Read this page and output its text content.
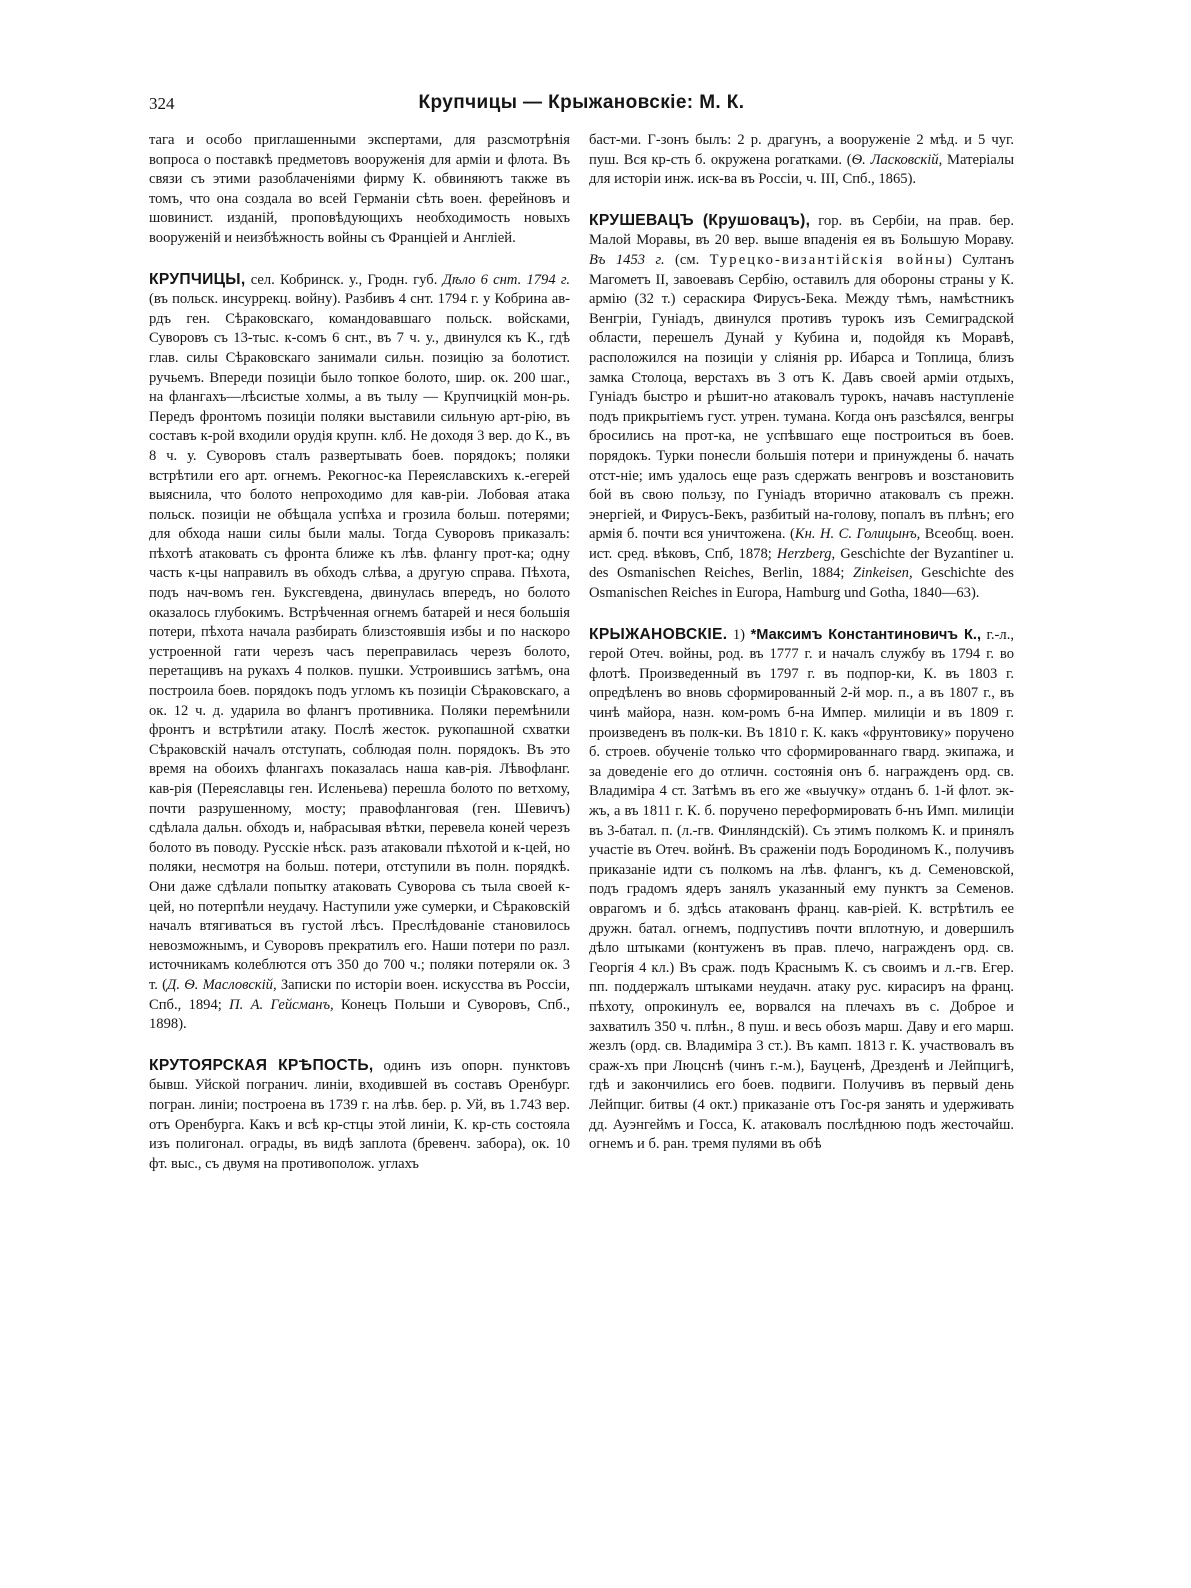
324	Крупчицы — Крыжановскіе: М. К.

тага и особо приглашенными экспертами, для разсмотрѣнія вопроса о поставкѣ предметовъ вооруженія для арміи и флота. Въ связи съ этими разоблаченіями фирму К. обвиняютъ также въ томъ, что она создала во всей Германіи сѣть воен. ферейновъ и шовинист. изданій, проповѣдующихъ необходимость новыхъ вооруженій и неизбѣжность войны съ Франціей и Англіей.

КРУПЧИЦЫ, сел. Кобринск. у., Гродн. губ. Дѣло 6 снт. 1794 г. (въ польск. инсуррекц. войну). Разбивъ 4 снт. 1794 г. у Кобрина ав-рдъ ген. Сѣраковскаго, командовавшаго польск. войсками, Суворовъ съ 13-тыс. к-сомъ 6 снт., въ 7 ч. у., двинулся къ К., гдѣ глав. силы Сѣраковскаго занимали сильн. позицію за болотист. ручьемъ. Впереди позиціи было топкое болото, шир. ок. 200 шаг., на флангахъ—лѣсистые холмы, а въ тылу — Крупчицкій мон-рь. Передъ фронтомъ позиціи поляки выставили сильную арт-рію, въ составъ к-рой входили орудія крупн. клб. Не доходя 3 вер. до К., въ 8 ч. у. Суворовъ сталъ развертывать боев. порядокъ; поляки встрѣтили его арт. огнемъ. Рекогнос-ка Переяславскихъ к.-егерей выяснила, что болото непроходимо для кав-ріи. Лобовая атака польск. позиціи не обѣщала успѣха и грозила больш. потерями; для обхода наши силы были малы. Тогда Суворовъ приказалъ: пѣхотѣ атаковать съ фронта ближе къ лѣв. флангу прот-ка; одну часть к-цы направилъ въ обходъ слѣва, а другую справа. Пѣхота, подъ нач-вомъ ген. Буксгевдена, двинулась впередъ, но болото оказалось глубокимъ. Встрѣченная огнемъ батарей и неся большія потери, пѣхота начала разбирать близстоявшія избы и по наскоро устроенной гати черезъ часъ переправилась черезъ болото, перетащивъ на рукахъ 4 полков. пушки. Устроившись затѣмъ, она построила боев. порядокъ подъ угломъ къ позиціи Сѣраковскаго, а ок. 12 ч. д. ударила во флангъ противника. Поляки перемѣнили фронтъ и встрѣтили атаку. Послѣ жесток. рукопашной схватки Сѣраковскій началъ отступать, соблюдая полн. порядокъ. Въ это время на обоихъ флангахъ показалась наша кав-рія. Лѣвофланг. кав-рія (Переяславцы ген. Исленьева) перешла болото по ветхому, почти разрушенному, мосту; правофланговая (ген. Шевичъ) сдѣлала дальн. обходъ и, набрасывая вѣтки, перевела коней черезъ болото въ поводу. Русскіе нѣск. разъ атаковали пѣхотой и к-цей, но поляки, несмотря на больш. потери, отступили въ полн. порядкѣ. Они даже сдѣлали попытку атаковать Суворова съ тыла своей к-цей, но потерпѣли неудачу. Наступили уже сумерки, и Сѣраковскій началъ втягиваться въ густой лѣсъ. Преслѣдованіе становилось невозможнымъ, и Суворовъ прекратилъ его. Наши потери по разл. источникамъ колеблются отъ 350 до 700 ч.; поляки потеряли ок. 3 т. (Д. Ѳ. Масловскій, Записки по исторіи воен. искусства въ Россіи, Спб., 1894; П. А. Гейсманъ, Конецъ Польши и Суворовъ, Спб., 1898).

КРУТОЯРСКАЯ КРѢПОСТЬ, одинъ изъ опорн. пунктовъ бывш. Уйской погранич. линіи, входившей въ составъ Оренбург. погран. линіи; построена въ 1739 г. на лѣв. бер. р. Уй, въ 1.743 вер. отъ Оренбурга. Какъ и всѣ кр-стцы этой линіи, К. кр-сть состояла изъ полигонал. ограды, въ видѣ заплота (бревенч. забора), ок. 10 фт. выс., съ двумя на противополож. углахъ

баст-ми. Г-зонъ былъ: 2 р. драгунъ, а вооруженіе 2 мѣд. и 5 чуг. пуш. Вся кр-сть б. окружена рогатками. (Ѳ. Ласковскій, Матеріалы для исторіи инж. иск-ва въ Россіи, ч. III, Спб., 1865).

КРУШЕВАЦЪ (Крушовацъ), гор. въ Сербіи, на прав. бер. Малой Моравы, въ 20 вер. выше впаденія ея въ Большую Мораву. Въ 1453 г. (см. Турецко-византійскія войны) Султанъ Магометъ II, завоевавъ Сербію, оставилъ для обороны страны у К. армію (32 т.) сераскира Фирусъ-Бека. Между тѣмъ, намѣстникъ Венгріи, Гуніадъ, двинулся противъ турокъ изъ Семиградской области, перешелъ Дунай у Кубина и, подойдя къ Моравѣ, расположился на позиціи у сліянія рр. Ибарса и Топлица, близъ замка Столоца, верстахъ въ 3 отъ К. Давъ своей арміи отдыхъ, Гуніадъ быстро и рѣшит-но атаковалъ турокъ, начавъ наступленіе подъ прикрытіемъ густ. утрен. тумана. Когда онъ разсѣялся, венгры бросились на прот-ка, не успѣвшаго еще построиться въ боев. порядокъ. Турки понесли большія потери и принуждены б. начать отст-ніе; имъ удалось еще разъ сдержать венгровъ и возстановить бой въ свою пользу, по Гуніадъ вторично атаковалъ съ прежн. энергіей, и Фирусъ-Бекъ, разбитый на-голову, попалъ въ плѣнъ; его армія б. почти вся уничтожена. (Кн. Н. С. Голицынъ, Всеобщ. воен. ист. сред. вѣковъ, Спб, 1878; Herzberg, Geschichte der Byzantiner u. des Osmanischen Reiches, Berlin, 1884; Zinkeisen, Geschichte des Osmanischen Reiches in Europa, Hamburg und Gotha, 1840—63).

КРЫЖАНОВСКІЕ. 1) *Максимъ Константиновичъ К., г.-л., герой Отеч. войны, род. въ 1777 г. и началъ службу въ 1794 г. во флотѣ. Произведенный въ 1797 г. въ подпор-ки, К. въ 1803 г. опредѣленъ во вновь сформированный 2-й мор. п., а въ 1807 г., въ чинѣ майора, назн. ком-ромъ б-на Импер. милиціи и въ 1809 г. произведенъ въ полк-ки. Въ 1810 г. К. какъ «фрунтовику» поручено б. строев. обученіе только что сформированнаго гвард. экипажа, и за доведеніе его до отличн. состоянія онъ б. награжденъ орд. св. Владиміра 4 ст. Затѣмъ въ его же «выучку» отданъ б. 1-й флот. эк-жъ, а въ 1811 г. К. б. поручено переформировать б-нъ Имп. милиціи въ 3-батал. п. (л.-гв. Финляндскій). Съ этимъ полкомъ К. и принялъ участіе въ Отеч. войнѣ. Въ сраженіи подъ Бородиномъ К., получивъ приказаніе идти съ полкомъ на лѣв. флангъ, къ д. Семеновской, подъ градомъ ядеръ занялъ указанный ему пунктъ за Семенов. оврагомъ и б. здѣсь атакованъ франц. кав-ріей. К. встрѣтилъ ее дружн. батал. огнемъ, подпустивъ почти вплотную, и довершилъ дѣло штыками (контуженъ въ прав. плечо, награжденъ орд. св. Георгія 4 кл.) Въ сраж. подъ Краснымъ К. съ своимъ и л.-гв. Егер. пп. поддержалъ штыками неудачн. атаку рус. кирасиръ на франц. пѣхоту, опрокинулъ ее, ворвался на плечахъ въ с. Доброе и захватилъ 350 ч. плѣн., 8 пуш. и весь обозъ марш. Даву и его марш. жезлъ (орд. св. Владиміра 3 ст.). Въ камп. 1813 г. К. участвовалъ въ сраж-хъ при Люцснѣ (чинъ г.-м.), Бауценѣ, Дрезденѣ и Лейпцигѣ, гдѣ и закончились его боев. подвиги. Получивъ въ первый день Лейпциг. битвы (4 окт.) приказаніе отъ Гос-ря занять и удерживать дд. Ауэнгеймъ и Госса, К. атаковалъ послѣднюю подъ жесточайш. огнемъ и б. ран. тремя пулями въ обѣ
